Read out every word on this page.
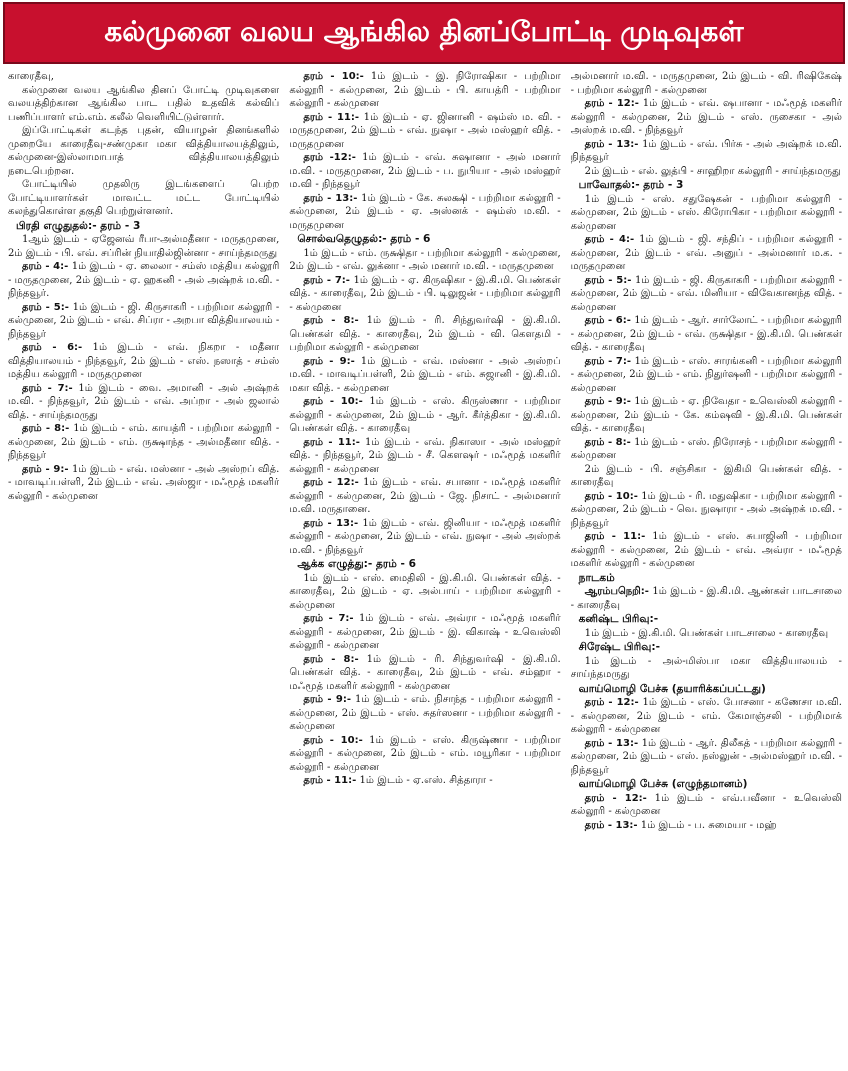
கல்முனை வலய ஆங்கில தினப்போட்டி முடிவுகள்

காரைதீவு,

கல்முனை வலய ஆங்கில தினப் போட்டி முடிவுகளை வலயத்திற்கான ஆங்கில பாட பதில் உதவிக் கல்விப் பணிப்பாளர் எம்.எம். கலீல் வெளியிட்டுள்ளார்.

இப்போட்டிகள் கடந்த புதன், வியாழன் தினங்களில் முறையே காரைதீவு-சண்முகா மகா வித்தியாலயத்திலும், கல்முனை-இஸ்லாமாபாத் வித்தியாலயத்திலும் நடைபெற்றன.

போட்டியில் முதலிரு இடங்களைப் பெற்ற போட்டியாளர்கள் மாவட்ட மட்ட போட்டியில் கலந்துகொள்ள தகுதி பெற்றுள்ளனர்.

பிரதி எழுதுதல்:- தரம் - 3

1ஆம் இடம் - ஏஜேனவ் ரீபா-அல்மதீனா - மருதமுனை, 2ம் இடம் - பி. எவ். சப்ரின் நியாதில்ஜின்னா - சாய்ந்தமருது

தரம் - 4:- 1ம் இடம் - ஏ. லைலா - சம்ஸ் மத்திய கல்லூரி - மருதமுனை, 2ம் இடம் - ஏ. ஹகனி - அல் அஷ்றக் ம.வி. - நிந்தவூர்.

தரம் - 5:- 1ம் இடம் - ஜி. கிருசாகரி - பற்றிமா கல்லூரி - கல்முனை, 2ம் இடம் - எவ். சிப்ரா - அறபா வித்தியாலயம் - நிந்தவூர்

தரம் - 6:- 1ம் இடம் - எவ். நிகறா - மதீனா வித்தியாலயம் - நிந்தவூர், 2ம் இடம் - எஸ். நஸாத் - சம்ஸ் மத்திய கல்லூரி - மருதமுனை

தரம் - 7:- 1ம் இடம் - வை. அமானி - அல் அஷ்றக் ம.வி. - நிந்தவூர், 2ம் இடம் - எவ். அப்றா - அல் ஜலால் வித். - சாய்ந்தமருது

தரம் - 8:- 1ம் இடம் - எம். காயத்ரி - பற்றிமா கல்லூரி - கல்முனை, 2ம் இடம் - எம். ருக்ஷாந்த - அல்மதீனா வித். - நிந்தவூர்

தரம் - 9:- 1ம் இடம் - எவ். மஸ்னா - அல் அஸ்றப் வித். - மாவடிப்பள்ளி, 2ம் இடம் - எவ். அஸ்ஜா - மஃமூத் மகளிர் கல்லூரி - கல்முனை

தரம் - 10:- 1ம் இடம் - இ. நிரோஷிகா - பற்றிமா கல்லூரி - கல்முனை, 2ம் இடம் - பி. காயத்ரி - பற்றிமா கல்லூரி - கல்முனை

தரம் - 11:- 1ம் இடம் - ஏ. ஜினானி - ஷம்ஸ் ம. வி. - மருதமுனை, 2ம் இடம் - எவ். நுஷா - அல் மஸ்ஹர் வித். - மருதமுனை

தரம் -12:- 1ம் இடம் - எவ். சுஷானா - அல் மனார் ம.வி. - மருதமுனை, 2ம் இடம் - ப. நுபியா - அல் மஸ்ஹர் ம.வி - நிந்தவூர்

தரம் - 13:- 1ம் இடம் - கே. சுலக்ஷி - பற்றிமா கல்லூரி - கல்முனை, 2ம் இடம் - ஏ. அஸ்னக் - ஷம்ஸ் ம.வி. - மருதமுனை

சொல்வதெழுதல்:- தரம் - 6

1ம் இடம் - எம். ருக்ஷிதா - பற்றிமா கல்லூரி - கல்முனை, 2ம் இடம் - எவ். லுக்னா - அல் மனார் ம.வி. - மருதமுனை

தரம் - 7:- 1ம் இடம் - ஏ. கிருஷிகா - இ.கி.மி. பெண்கள் வித். - காரைதீவு, 2ம் இடம் - பி. டிலுஜன் - பற்றிமா கல்லூரி - கல்முனை

தரம் - 8:- 1ம் இடம் - ரி. சிந்துவர்ஷி - இ.கி.மி. பெண்கள் வித். - காரைதீவு, 2ம் இடம் - வி. கௌதமி - பற்றிமா கல்லூரி - கல்முனை

தரம் - 9:- 1ம் இடம் - எவ். மஸ்னா - அல் அஸ்றப் ம.வி. - மாவடிப்பள்ளி, 2ம் இடம் - எம். சுஜானி - இ.கி.மி. மகா வித். - கல்முனை

தரம் - 10:- 1ம் இடம் - எஸ். கிருஸ்ணா - பற்றிமா கல்லூரி - கல்முனை, 2ம் இடம் - ஆர். கீர்த்திகா - இ.கி.மி. பெண்கள் வித். - காரைதீவு

தரம் - 11:- 1ம் இடம் - எவ். நிகாஸா - அல் மஸ்ஹர் வித். - நிந்தவூர், 2ம் இடம் - சீ. கௌஷர் - மஃமூத் மகளிர் கல்லூரி - கல்முனை

தரம் - 12:- 1ம் இடம் - எவ். சபானா - மஃமூத் மகளிர் கல்லூரி - கல்முனை, 2ம் இடம் - ஜே. நிசாட் - அல்மனார் ம.வி. மருதானை.

தரம் - 13:- 1ம் இடம் - எவ். ஜினியா - மஃமூத் மகளிர் கல்லூரி - கல்முனை, 2ம் இடம் - எவ். நுஷா - அல் அஸ்றக் ம.வி. - நிந்தவூர்

ஆக்க எழுத்து:- தரம் - 6

1ம் இடம் - எஸ். மைதிலி - இ.கி.மி. பெண்கள் வித். - காரைதீவு, 2ம் இடம் - ஏ. அல்பாய் - பற்றிமா கல்லூரி - கல்முனை

தரம் - 7:- 1ம் இடம் - எவ். அவ்ரா - மஃமூத் மகளிர் கல்லூரி - கல்முனை, 2ம் இடம் - இ. விகாஷ் - உவெஸ்லி கல்லூரி - கல்முனை

தரம் - 8:- 1ம் இடம் - ரி. சிந்துவர்ஷி - இ.கி.மி. பெண்கள் வித். - காரைதீவு, 2ம் இடம் - எவ். சம்ஹா - மஃமூத் மகளிர் கல்லூரி - கல்முனை

தரம் - 9:- 1ம் இடம் - எம். நிசாந்த - பற்றிமா கல்லூரி - கல்முனை, 2ம் இடம் - எஸ். சுதர்ஸனா - பற்றிமா கல்லூரி - கல்முனை

தரம் - 10:- 1ம் இடம் - எஸ். கிருஷ்ணா - பற்றிமா கல்லூரி - கல்முனை, 2ம் இடம் - எம். மயூரிகா - பற்றிமா கல்லூரி - கல்முனை

தரம் - 11:- 1ம் இடம் - ஏ.எஸ். சித்தாரா -

அல்மனார் ம.வி. - மருதமுனை, 2ம் இடம் - வி. ரிஷிகேஷ் - பற்றிமா கல்லூரி - கல்முனை

தரம் - 12:- 1ம் இடம் - எவ். ஷபானா - மஃமூத் மகளிர் கல்லூரி - கல்முனை, 2ம் இடம் - எஸ். ருசைகா - அல் அஸ்றக் ம.வி. - நிந்தவூர்

தரம் - 13:- 1ம் இடம் - எவ். பிர்சு - அல் அஷ்றக் ம.வி. நிந்தவூர்

2ம் இடம் - எல். லுத்பி - சாஹிறா கல்லூரி - சாய்ந்தமருது

பாவோதல்:- தரம் - 3

1ம் இடம் - எஸ். சதுஷேகன் - பற்றிமா கல்லூரி - கல்முனை, 2ம் இடம் - எஸ். கிரோபிகா - பற்றிமா கல்லூரி - கல்முனை

தரம் - 4:- 1ம் இடம் - ஜி. சந்திப் - பற்றிமா கல்லூரி - கல்முனை, 2ம் இடம் - எவ். அனுப் - அல்மனார் ம.க. - மருதமுனை

தரம் - 5:- 1ம் இடம் - ஜி. கிருகாகரி - பற்றிமா கல்லூரி - கல்முனை, 2ம் இடம் - எவ். மினியா - விவேகானந்த வித். - கல்முனை

தரம் - 6:- 1ம் இடம் - ஆர். சார்லோட் - பற்றிமா கல்லூரி - கல்முனை, 2ம் இடம் - எவ். ருக்ஷிதா - இ.கி.மி. பெண்கள் வித். - காரைதீவு

தரம் - 7:- 1ம் இடம் - எஸ். சாரங்கனி - பற்றிமா கல்லூரி - கல்முனை, 2ம் இடம் - எம். நிதுர்ஷனி - பற்றிமா கல்லூரி - கல்முனை

தரம் - 9:- 1ம் இடம் - ஏ. நிவேதா - உவெஸ்லி கல்லூரி - கல்முனை, 2ம் இடம் - கே. கம்ஷவி - இ.கி.மி. பெண்கள் வித். - காரைதீவு

தரம் - 8:- 1ம் இடம் - எஸ். நிரோசந் - பற்றிமா கல்லூரி - கல்முனை

2ம் இடம் - பி. சஞ்சிகா - இகிமி பெண்கள் வித். - காரைதீவு

தரம் - 10:- 1ம் இடம் - ரி. மதுஷிகா - பற்றிமா கல்லூரி - கல்முனை, 2ம் இடம் - வெ. நுஷாரா - அல் அஷ்றக் ம.வி. - நிந்தவூர்

தரம் - 11:- 1ம் இடம் - எஸ். சுபாஜினி - பற்றிமா கல்லூரி - கல்முனை, 2ம் இடம் - எவ். அவ்ரா - மஃமூத் மகளிர் கல்லூரி - கல்முனை

நாடகம்

ஆரம்பநெறி:- 1ம் இடம் - இ.கி.மி. ஆண்கள் பாடசாலை - காரைதீவு

கனிஷ்ட பிரிவு:-

1ம் இடம் - இ.கி.மி. பெண்கள் பாடசாலை - காரைதீவு

சிரேஷ்ட பிரிவு:-

1ம் இடம் - அல்-மிஸ்பா மகா வித்தியாலயம் - சாய்ந்தமருது

வாய்மொழி பேச்சு (தயாரிக்கப்பட்டது)

தரம் - 12:- 1ம் இடம் - எஸ். போசனா - கணேசா ம.வி. - கல்முனை, 2ம் இடம் - எம். கேமாஞ்சலி - பற்றிமாக் கல்லூரி - கல்முனை

தரம் - 13:- 1ம் இடம் - ஆர். திலீகத் - பற்றிமா கல்லூரி - கல்முனை, 2ம் இடம் - எஸ். நஸ்லுன் - அல்மஸ்ஹர் ம.வி. - நிந்தவூர்

வாய்மொழி பேச்சு (எழுந்தமானம்)

தரம் - 12:- 1ம் இடம் - எவ்.பவீனா - உவெஸ்லி கல்லூரி - கல்முனை

தரம் - 13:- 1ம் இடம் - ப. சுமையா - மஹ்
